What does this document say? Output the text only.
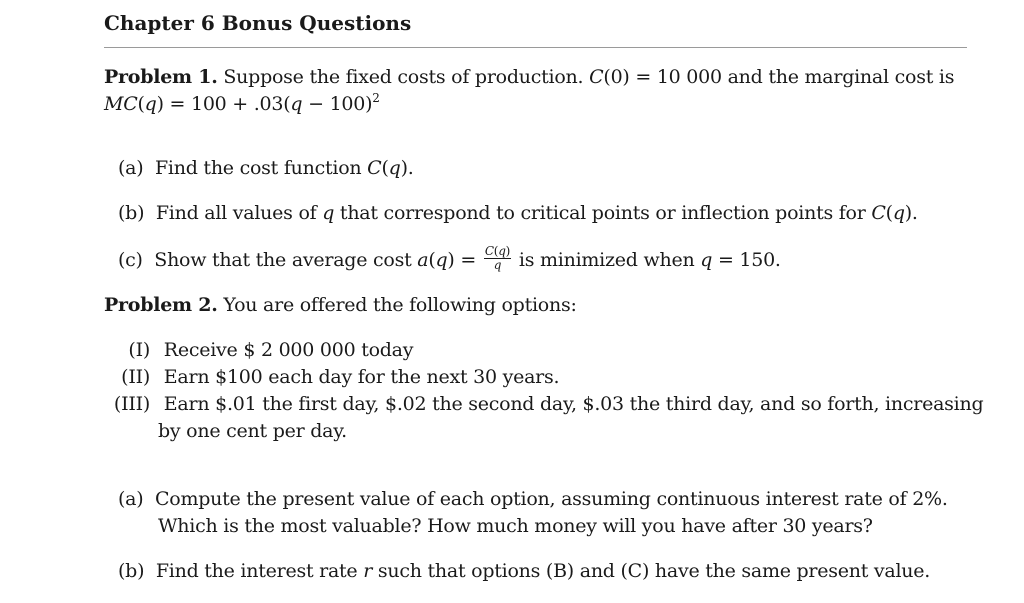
Chapter 6 Bonus Questions
Problem 1. Suppose the fixed costs of production. C(0) = 10 000 and the marginal cost is
$MC(q) = 100 + .03(q - 100)^2$
(a)  Find the cost function C(q).
(b)  Find all values of q that correspond to critical points or inflection points for C(q).
(c)  Show that the average cost $a(q) = \frac{C(q)}{q}$ is minimized when q = 150.
Problem 2. You are offered the following options:
(I) Receive $ 2 000 000 today
(II) Earn $100 each day for the next 30 years.
(III) Earn $.01 the first day, $.02 the second day, $.03 the third day, and so forth, increasing
by one cent per day.
(a) Compute the present value of each option, assuming continuous interest rate of 2%.
Which is the most valuable? How much money will you have after 30 years?
(b)  Find the interest rate r such that options (B) and (C) have the same present value.
